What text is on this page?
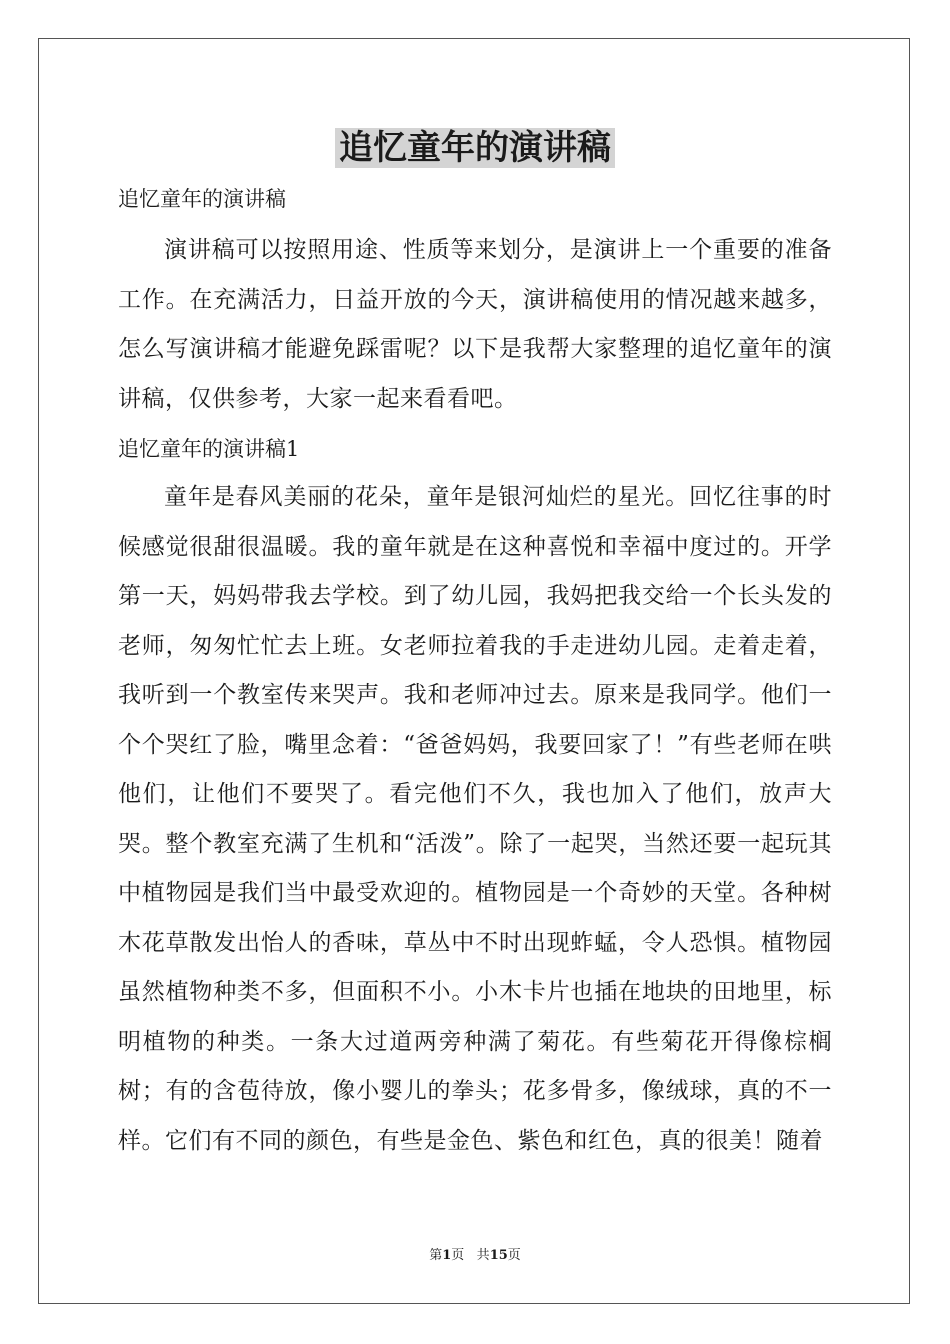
追忆童年的演讲稿
追忆童年的演讲稿

演讲稿可以按照用途、性质等来划分，是演讲上一个重要的准备工作。在充满活力，日益开放的今天，演讲稿使用的情况越来越多，怎么写演讲稿才能避免踩雷呢？以下是我帮大家整理的追忆童年的演讲稿，仅供参考，大家一起来看看吧。

追忆童年的演讲稿1

童年是春风美丽的花朵，童年是银河灿烂的星光。回忆往事的时候感觉很甜很温暖。我的童年就是在这种喜悦和幸福中度过的。开学第一天，妈妈带我去学校。到了幼儿园，我妈把我交给一个长头发的老师，匆匆忙忙去上班。女老师拉着我的手走进幼儿园。走着走着，我听到一个教室传来哭声。我和老师冲过去。原来是我同学。他们一个个哭红了脸，嘴里念着：“爸爸妈妈，我要回家了！”有些老师在哄他们，让他们不要哭了。看完他们不久，我也加入了他们，放声大哭。整个教室充满了生机和“活泼”。除了一起哭，当然还要一起玩其中植物园是我们当中最受欢迎的。植物园是一个奇妙的天堂。各种树木花草散发出怡人的香味，草丛中不时出现蚱蜢，令人恐惧。植物园虽然植物种类不多，但面积不小。小木卡片也插在地块的田地里，标明植物的种类。一条大过道两旁种满了菊花。有些菊花开得像棕榈树；有的含苞待放，像小婴儿的拳头；花多骨多，像绒球，真的不一样。它们有不同的颜色，有些是金色、紫色和红色，真的很美！随着

第1页 共15页
